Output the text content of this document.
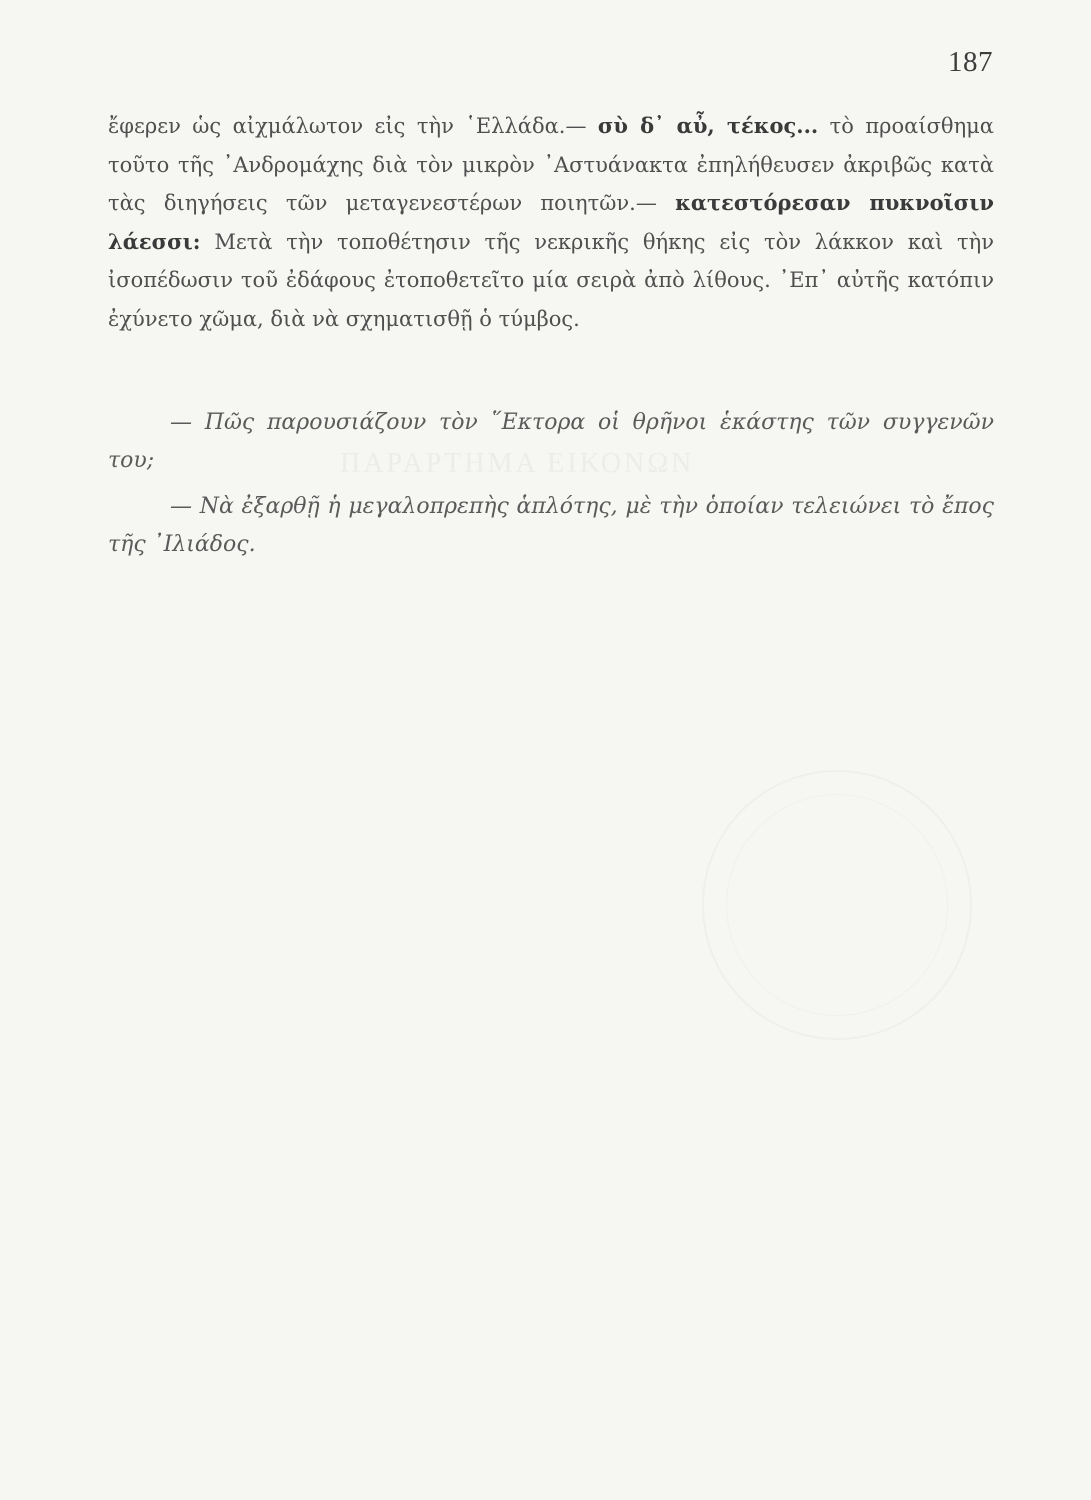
ΠΑΡΑΡΤΗΜΑ ΕΙΚΟΝΩΝ
187

ἔφερεν ὡς αἰχμάλωτον εἰς τὴν ῾Ελλάδα.— σὺ δ᾽ αὖ, τέκος... τὸ προαίσθημα τοῦτο τῆς ᾽Ανδρομάχης διὰ τὸν μικρὸν ᾽Αστυάνακτα ἐπηλήθευσεν ἀκριβῶς κατὰ τὰς διηγήσεις τῶν μεταγενεστέρων ποιητῶν.— κατεστόρεσαν πυκνοῖσιν λάεσσι: Μετὰ τὴν τοποθέτησιν τῆς νεκρικῆς θήκης εἰς τὸν λάκκον καὶ τὴν ἰσοπέδωσιν τοῦ ἐδάφους ἐτοποθετεῖτο μία σειρὰ ἀπὸ λίθους. ᾽Επ᾽ αὐτῆς κατόπιν ἐχύνετο χῶμα, διὰ νὰ σχηματισθῇ ὁ τύμβος.

— Πῶς παρουσιάζουν τὸν ῞Εκτορα οἱ θρῆνοι ἑκάστης τῶν συγγενῶν του;

— Νὰ ἐξαρθῇ ἡ μεγαλοπρεπὴς ἁπλότης, μὲ τὴν ὁποίαν τελειώνει τὸ ἔπος τῆς ᾽Ιλιάδος.
